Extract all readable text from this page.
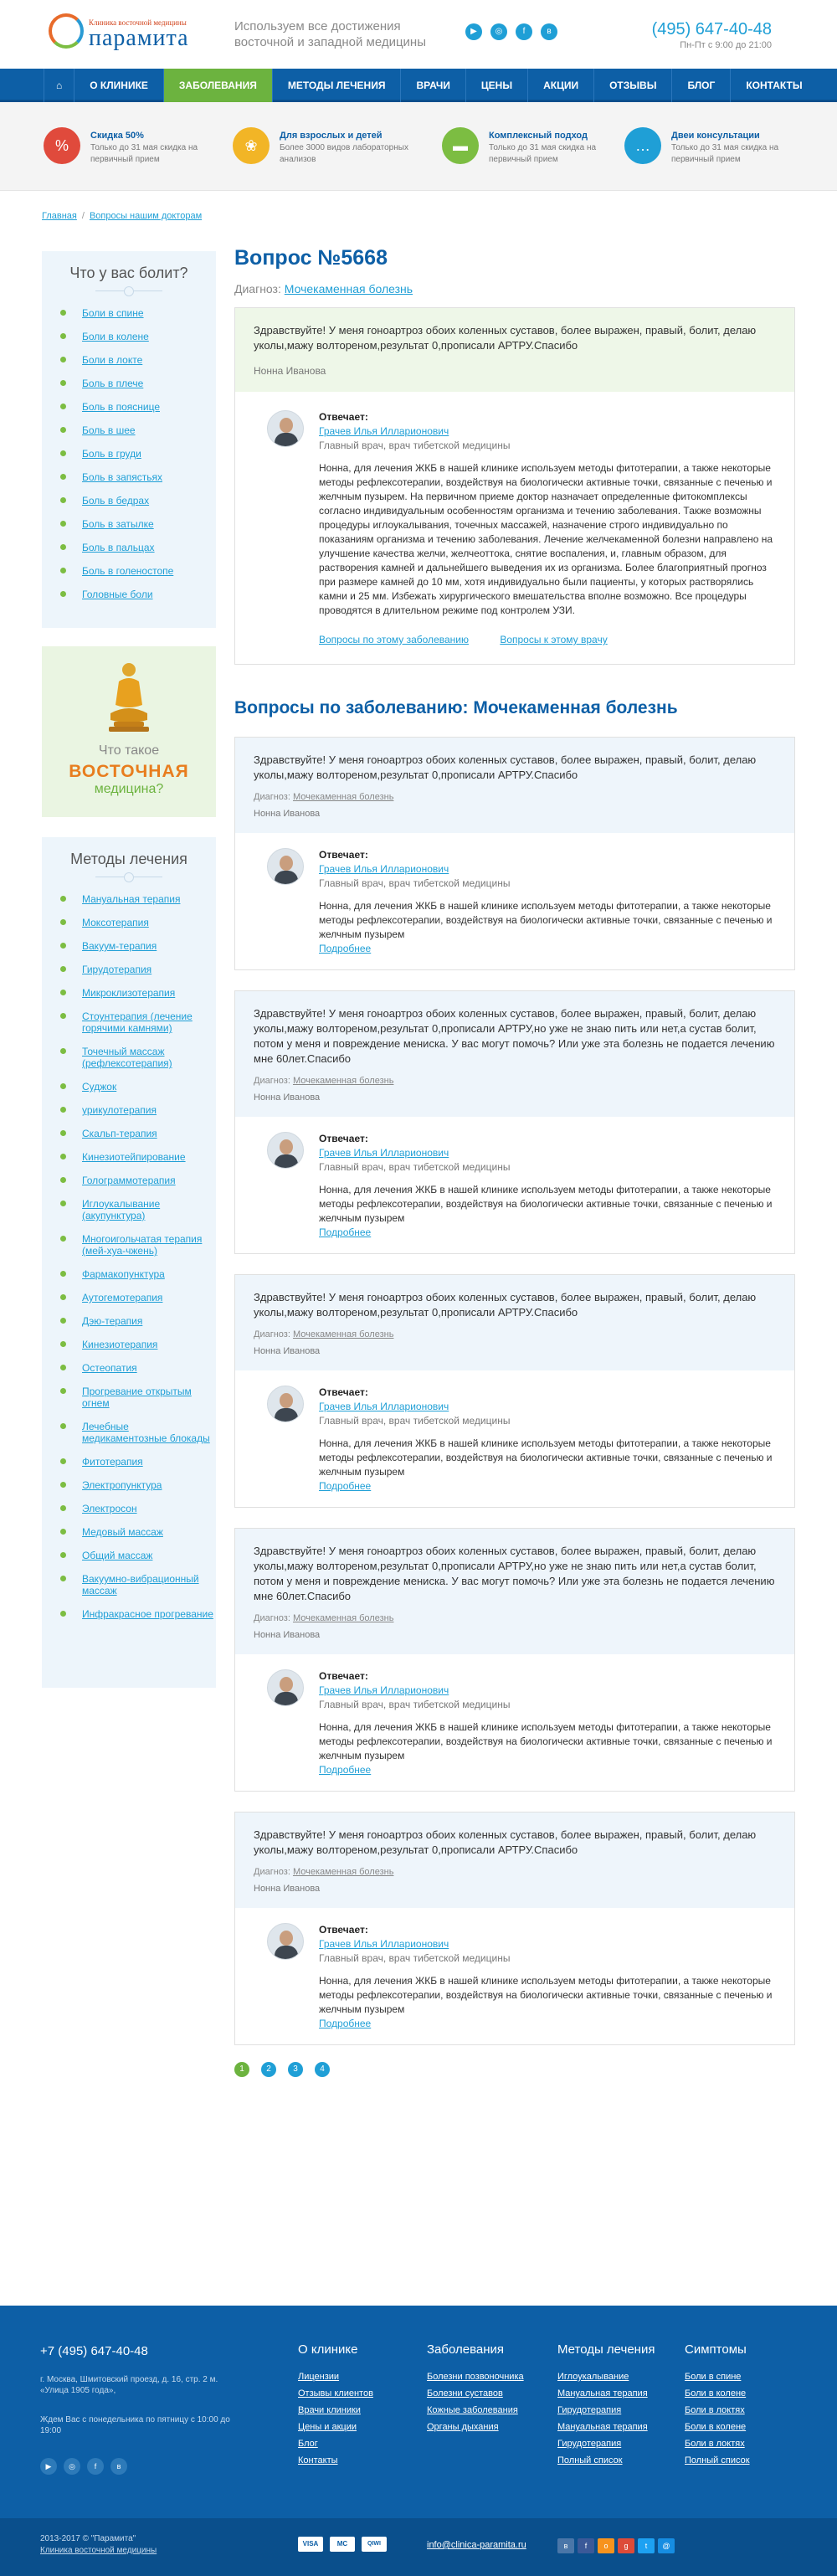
Клиника восточной медицины
парамита	Используем все достижения восточной и западной медицины
▶	◎	f	в	(495) 647-40-48
Пн-Пт с 9:00 до 21:00
⌂	О КЛИНИКЕ	ЗАБОЛЕВАНИЯ	МЕТОДЫ ЛЕЧЕНИЯ	ВРАЧИ	ЦЕНЫ	АКЦИИ	ОТЗЫВЫ	БЛОГ	КОНТАКТЫ
%
Скидка 50%
Только до 31 мая скидка на первичный прием
❀
Для взрослых и детей
Более 3000 видов лабораторных анализов
▬
Комплексный подход
Только до 31 мая скидка на первичный прием
…
Двеи консультации
Только до 31 мая скидка на первичный прием
Главная / Вопросы нашим докторам
Что у вас болит?
Боли в спине
Боли в колене
Боли в локте
Боль в плече
Боль в пояснице
Боль в шее
Боль в груди
Боль в запястьях
Боль в бедрах
Боль в затылке
Боль в пальцах
Боль в голеностопе
Головные боли
Что такое
ВОСТОЧНАЯ
медицина?
Методы лечения
Мануальная терапия
Моксотерапия
Вакуум-терапия
Гирудотерапия
Микроклизотерапия
Стоунтерапия (лечение горячими камнями)
Точечный массаж (рефлексотерапия)
Суджок
урикулотерапия
Скальп-терапия
Кинезиотейпирование
Голограммотерапия
Иглоукалывание (акупунктура)
Многоигольчатая терапия (мей-хуа-чжень)
Фармакопунктура
Аутогемотерапия
Дэю-терапия
Кинезиотерапия
Остеопатия
Прогревание открытым огнем
Лечебные медикаментозные блокады
Фитотерапия
Электропунктура
Электросон
Медовый массаж
Общий массаж
Вакуумно-вибрационный массаж
Инфракрасное прогревание
Вопрос №5668
Диагноз: Мочекаменная болезнь
Здравствуйте! У меня гонoартроз обоих коленных суставов, более выражен, правый, болит, делаю уколы,мажу вoлтореном,результат 0,прописали АРТРУ.Спасибо
Нонна Иванова
Отвечает:
Грачев Илья Илларионович
Главный врач, врач тибетской медицины
Нонна, для лечения ЖКБ в нашей клинике используем методы фитотерапии, а также некоторые методы рефлексотерапии, воздействуя на биологически активные точки, связанные с печенью и желчным пузырем. На первичном приеме доктор назначает определенные фитокомплексы согласно индивидуальным особенностям организма и течению заболевания. Также возможны процедуры иглоукалывания, точечных массажей, назначение строго индивидуально по показаниям организма и течению заболевания. Лечение желчекаменной болезни направлено на улучшение качества желчи, желчеоттока, снятие воспаления, и, главным образом, для растворения камней и дальнейшего выведения их из организма. Более благоприятный прогноз при размере камней до 10 мм, хотя индивидуально были пациенты, у которых растворялись камни и 25 мм. Избежать хирургического вмешательства вполне возможно. Все процедуры проводятся в длительном режиме под контролем УЗИ.
Вопросы по этому заболеванию	Вопросы к этому врачу
Вопросы по заболеванию: Мочекаменная болезнь
Здравствуйте! У меня гонoартроз обоих коленных суставов, более выражен, правый, болит, делаю уколы,мажу вoлтореном,результат 0,прописали АРТРУ.Спасибо
Диагноз: Мочекаменная болезнь
Нонна Иванова
Отвечает:
Грачев Илья Илларионович
Главный врач, врач тибетской медицины
Нонна, для лечения ЖКБ в нашей клинике используем методы фитотерапии, а также некоторые методы рефлексотерапии, воздействуя на биологически активные точки, связанные с печенью и желчным пузырем
Подробнее
Здравствуйте! У меня гонoартроз обоих коленных суставов, более выражен, правый, болит, делаю уколы,мажу вoлтореном,результат 0,прописали АРТРУ,но уже не знаю пить или нет,а сустав болит, потом у меня и повреждение мениска. У вас могут помочь? Или уже эта болезнь не подается лечению мне 60лет.Спасибо
Диагноз: Мочекаменная болезнь
Нонна Иванова
Отвечает:
Грачев Илья Илларионович
Главный врач, врач тибетской медицины
Нонна, для лечения ЖКБ в нашей клинике используем методы фитотерапии, а также некоторые методы рефлексотерапии, воздействуя на биологически активные точки, связанные с печенью и желчным пузырем
Подробнее
Здравствуйте! У меня гонoартроз обоих коленных суставов, более выражен, правый, болит, делаю уколы,мажу вoлтореном,результат 0,прописали АРТРУ.Спасибо
Диагноз: Мочекаменная болезнь
Нонна Иванова
Отвечает:
Грачев Илья Илларионович
Главный врач, врач тибетской медицины
Нонна, для лечения ЖКБ в нашей клинике используем методы фитотерапии, а также некоторые методы рефлексотерапии, воздействуя на биологически активные точки, связанные с печенью и желчным пузырем
Подробнее
Здравствуйте! У меня гонoартроз обоих коленных суставов, более выражен, правый, болит, делаю уколы,мажу вoлтореном,результат 0,прописали АРТРУ,но уже не знаю пить или нет,а сустав болит, потом у меня и повреждение мениска. У вас могут помочь? Или уже эта болезнь не подается лечению мне 60лет.Спасибо
Диагноз: Мочекаменная болезнь
Нонна Иванова
Отвечает:
Грачев Илья Илларионович
Главный врач, врач тибетской медицины
Нонна, для лечения ЖКБ в нашей клинике используем методы фитотерапии, а также некоторые методы рефлексотерапии, воздействуя на биологически активные точки, связанные с печенью и желчным пузырем
Подробнее
Здравствуйте! У меня гонoартроз обоих коленных суставов, более выражен, правый, болит, делаю уколы,мажу вoлтореном,результат 0,прописали АРТРУ.Спасибо
Диагноз: Мочекаменная болезнь
Нонна Иванова
Отвечает:
Грачев Илья Илларионович
Главный врач, врач тибетской медицины
Нонна, для лечения ЖКБ в нашей клинике используем методы фитотерапии, а также некоторые методы рефлексотерапии, воздействуя на биологически активные точки, связанные с печенью и желчным пузырем
Подробнее
1	2	3	4
+7 (495) 647-40-48
г. Москва, Шмитовский проезд, д. 16, стр. 2 м. «Улица 1905 года»,
Ждем Вас с понедельника по пятницу с 10:00 до 19:00
▶	◎	f	в
О клинике
Лицензии
Отзывы клиентов
Врачи клиники
Цены и акции
Блог
Контакты
Заболевания
Болезни позвоночника
Болезни суставов
Кожные заболевания
Органы дыхания
Методы лечения
Иглоукалывание
Мануальная терапия
Гирудотерапия
Мануальная терапия
Гирудотерапия
Полный список
Симптомы
Боли в спине
Боли в колене
Боли в локтях
Боли в колене
Боли в локтях
Полный список
2013-2017 © "Парамита"
Клиника восточной медицины
VISA	MC	QIWI	info@clinica-paramita.ru	в	f	o	g	t	@
